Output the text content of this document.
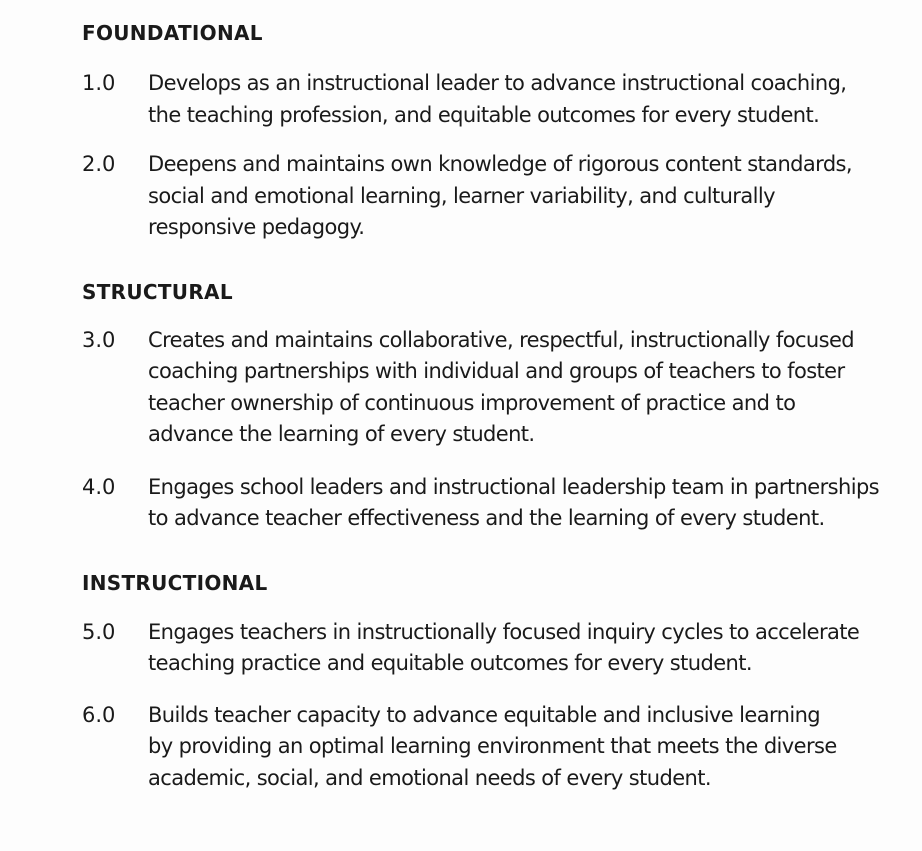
FOUNDATIONAL
1.0	Develops as an instructional leader to advance instructional coaching,
the teaching profession, and equitable outcomes for every student.
2.0	Deepens and maintains own knowledge of rigorous content standards,
social and emotional learning, learner variability, and culturally
responsive pedagogy.
STRUCTURAL
3.0	Creates and maintains collaborative, respectful, instructionally focused
coaching partnerships with individual and groups of teachers to foster
teacher ownership of continuous improvement of practice and to
advance the learning of every student.
4.0	Engages school leaders and instructional leadership team in partnerships
to advance teacher effectiveness and the learning of every student.
INSTRUCTIONAL
5.0	Engages teachers in instructionally focused inquiry cycles to accelerate
teaching practice and equitable outcomes for every student.
6.0	Builds teacher capacity to advance equitable and inclusive learning
by providing an optimal learning environment that meets the diverse
academic, social, and emotional needs of every student.
